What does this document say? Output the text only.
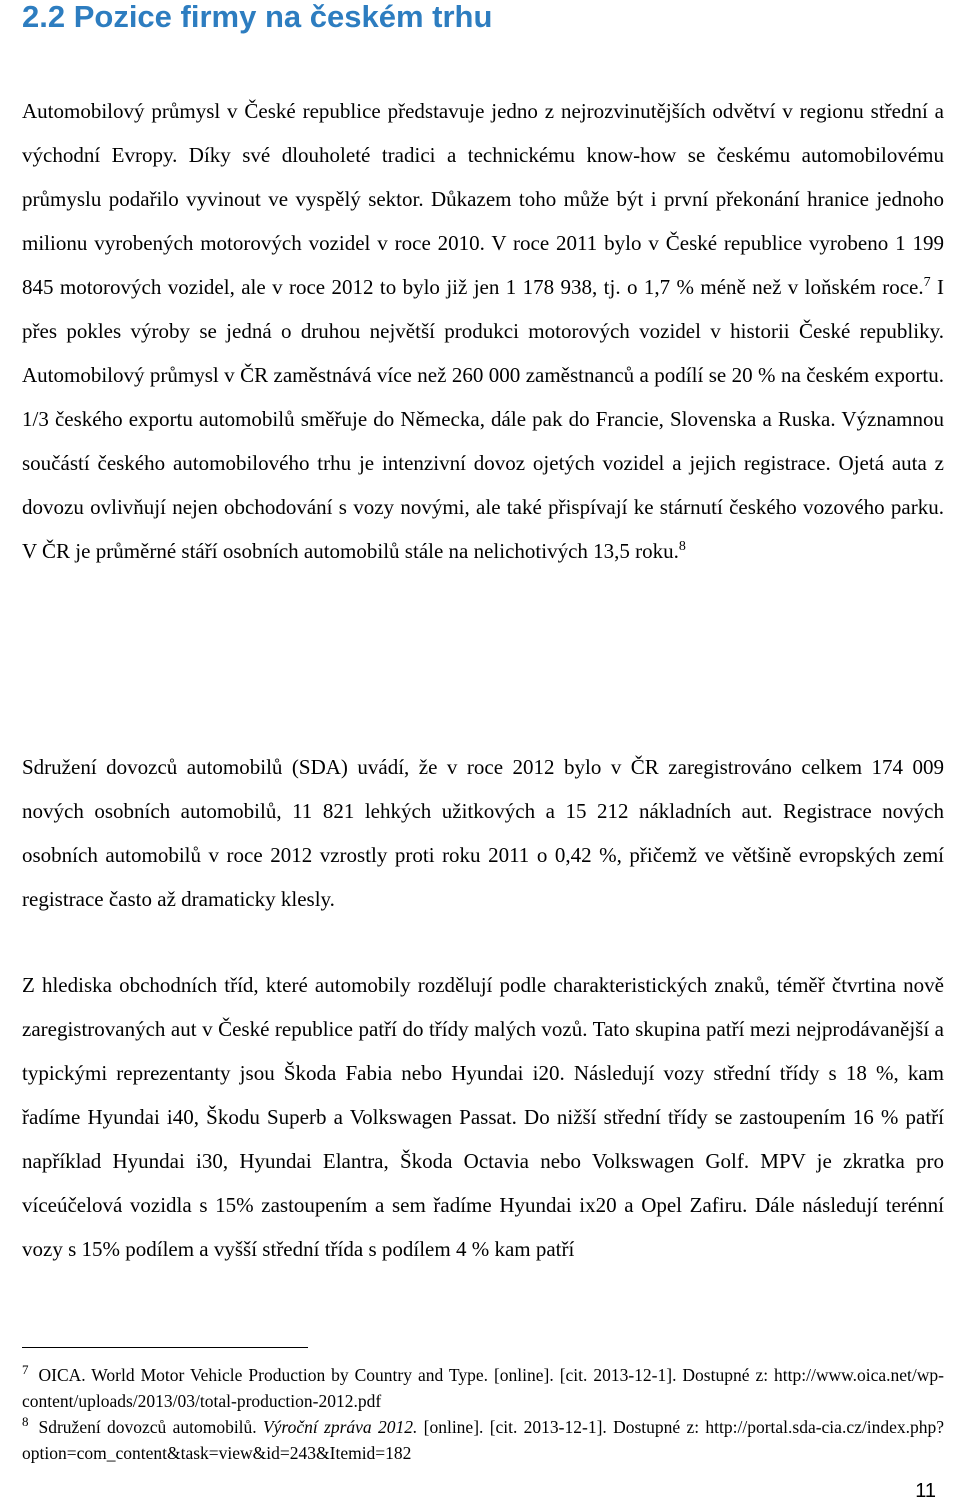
2.2 Pozice firmy na českém trhu

Automobilový průmysl v České republice představuje jedno z nejrozvinutějších odvětví v regionu střední a východní Evropy. Díky své dlouholeté tradici a technickému know-how se českému automobilovému průmyslu podařilo vyvinout ve vyspělý sektor. Důkazem toho může být i první překonání hranice jednoho milionu vyrobených motorových vozidel v roce 2010. V roce 2011 bylo v České republice vyrobeno 1 199 845 motorových vozidel, ale v roce 2012 to bylo již jen 1 178 938, tj. o 1,7 % méně než v loňském roce.$^7$ I přes pokles výroby se jedná o druhou největší produkci motorových vozidel v historii České republiky. Automobilový průmysl v ČR zaměstnává více než 260 000 zaměstnanců a podílí se 20 % na českém exportu. 1/3 českého exportu automobilů směřuje do Německa, dále pak do Francie, Slovenska a Ruska. Významnou součástí českého automobilového trhu je intenzivní dovoz ojetých vozidel a jejich registrace. Ojetá auta z dovozu ovlivňují nejen obchodování s vozy novými, ale také přispívají ke stárnutí českého vozového parku. V ČR je průměrné stáří osobních automobilů stále na nelichotivých 13,5 roku.$^8$

Sdružení dovozců automobilů (SDA) uvádí, že v roce 2012 bylo v ČR zaregistrováno celkem 174 009 nových osobních automobilů, 11 821 lehkých užitkových a 15 212 nákladních aut. Registrace nových osobních automobilů v roce 2012 vzrostly proti roku 2011 o 0,42 %, přičemž ve většině evropských zemí registrace často až dramaticky klesly.

Z hlediska obchodních tříd, které automobily rozdělují podle charakteristických znaků, téměř čtvrtina nově zaregistrovaných aut v České republice patří do třídy malých vozů. Tato skupina patří mezi nejprodávanější a typickými reprezentanty jsou Škoda Fabia nebo Hyundai i20. Následují vozy střední třídy s 18 %, kam řadíme Hyundai i40, Škodu Superb a Volkswagen Passat. Do nižší střední třídy se zastoupením 16 % patří například Hyundai i30, Hyundai Elantra, Škoda Octavia nebo Volkswagen Golf. MPV je zkratka pro víceúčelová vozidla s 15% zastoupením a sem řadíme Hyundai ix20 a Opel Zafiru. Dále následují terénní vozy s 15% podílem a vyšší střední třída s podílem 4 % kam patří

$^7$ OICA. World Motor Vehicle Production by Country and Type. [online]. [cit. 2013-12-1]. Dostupné z: http://www.oica.net/wp-content/uploads/2013/03/total-production-2012.pdf

$^8$ Sdružení dovozců automobilů. Výroční zpráva 2012. [online]. [cit. 2013-12-1]. Dostupné z: http://portal.sda-cia.cz/index.php?option=com_content&task=view&id=243&Itemid=182

11
